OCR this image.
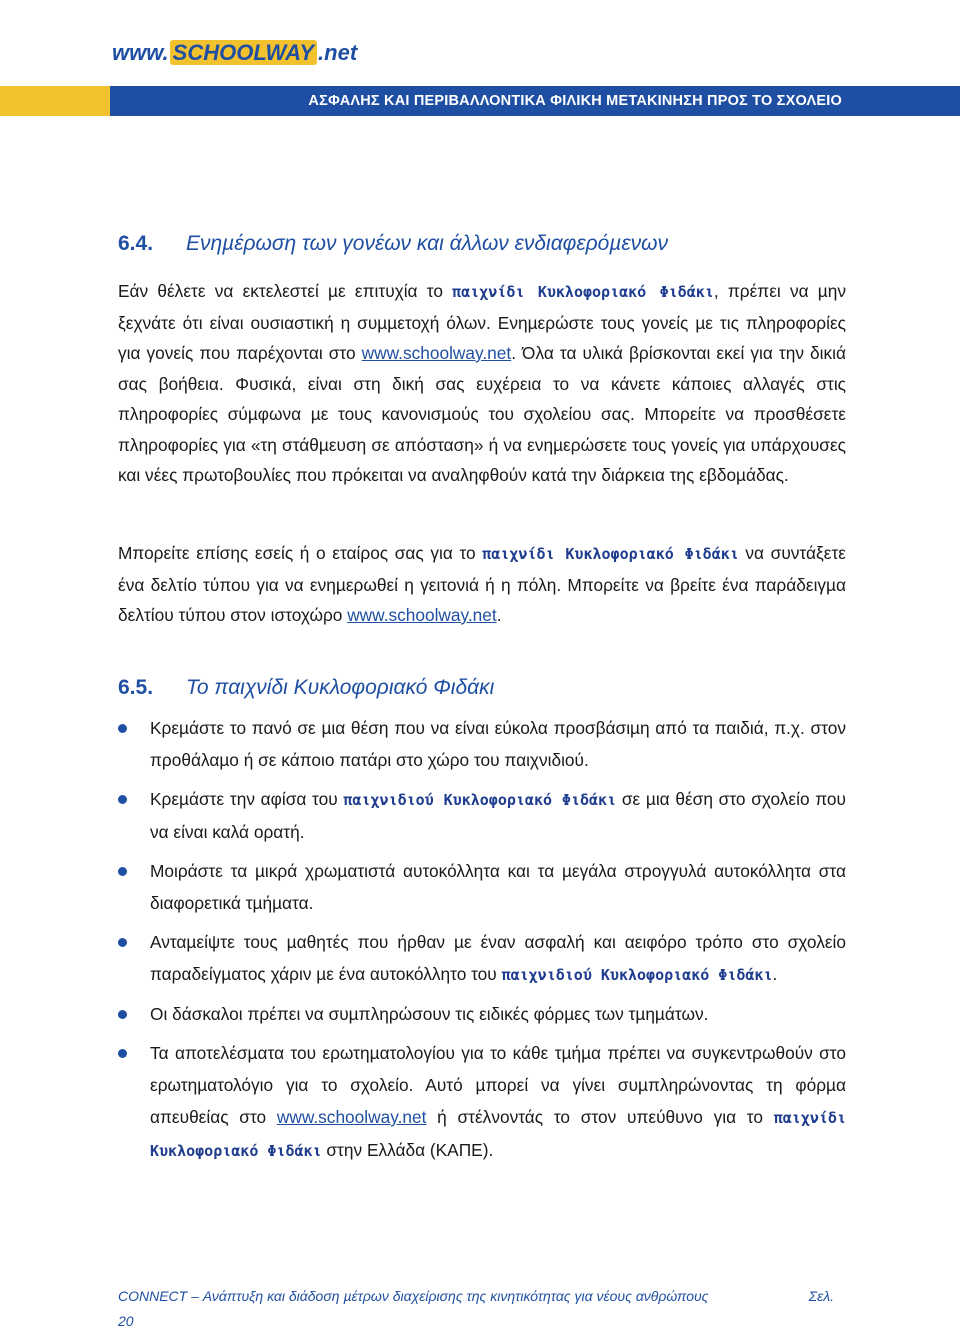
www. SCHOOLWAY .net
ΑΣΦΑΛΗΣ ΚΑΙ ΠΕΡΙΒΑΛΛΟΝΤΙΚΑ ΦΙΛΙΚΗ ΜΕΤΑΚΙΝΗΣΗ ΠΡΟΣ ΤΟ ΣΧΟΛΕΙΟ
6.4. Ενηµέρωση των γονέων και άλλων ενδιαφερόµενων
Εάν θέλετε να εκτελεστεί µε επιτυχία το παιχνίδι Κυκλοφοριακό Φιδάκι, πρέπει να µην ξεχνάτε ότι είναι ουσιαστική η συµµετοχή όλων. Ενηµερώστε τους γονείς µε τις πληροφορίες για γονείς που παρέχονται στο www.schoolway.net. Όλα τα υλικά βρίσκονται εκεί για την δικιά σας βοήθεια. Φυσικά, είναι στη δική σας ευχέρεια το να κάνετε κάποιες αλλαγές στις πληροφορίες σύµφωνα µε τους κανονισµούς του σχολείου σας. Μπορείτε να προσθέσετε πληροφορίες για «τη στάθµευση σε απόσταση» ή να ενηµερώσετε τους γονείς για υπάρχουσες και νέες πρωτοβουλίες που πρόκειται να αναληφθούν κατά την διάρκεια της εβδοµάδας.
Μπορείτε επίσης εσείς ή ο εταίρος σας για το παιχνίδι Κυκλοφοριακό Φιδάκι να συντάξετε ένα δελτίο τύπου για να ενηµερωθεί η γειτονιά ή η πόλη. Μπορείτε να βρείτε ένα παράδειγµα δελτίου τύπου στον ιστοχώρο www.schoolway.net.
6.5. Το παιχνίδι Κυκλοφοριακό Φιδάκι
Κρεµάστε το πανό σε µια θέση που να είναι εύκολα προσβάσιµη από τα παιδιά, π.χ. στον προθάλαµο ή σε κάποιο πατάρι στο χώρο του παιχνιδιού.
Κρεµάστε την αφίσα του παιχνιδιού Κυκλοφοριακό Φιδάκι σε µια θέση στο σχολείο που να είναι καλά ορατή.
Μοιράστε τα µικρά χρωµατιστά αυτοκόλλητα και τα µεγάλα στρογγυλά αυτοκόλλητα στα διαφορετικά τµήµατα.
Ανταµείψτε τους µαθητές που ήρθαν µε έναν ασφαλή και αειφόρο τρόπο στο σχολείο παραδείγµατος χάριν µε ένα αυτοκόλλητο του παιχνιδιού Κυκλοφοριακό Φιδάκι.
Οι δάσκαλοι πρέπει να συµπληρώσουν τις ειδικές φόρµες των τµηµάτων.
Τα αποτελέσµατα του ερωτηµατολογίου για το κάθε τµήµα πρέπει να συγκεντρωθούν στο ερωτηµατολόγιο για το σχολείο. Αυτό µπορεί να γίνει συµπληρώνοντας τη φόρµα απευθείας στο www.schoolway.net ή στέλνοντάς το στον υπεύθυνο για το παιχνίδι Κυκλοφοριακό Φιδάκι στην Ελλάδα (ΚΑΠΕ).
CONNECT – Ανάπτυξη και διάδοση µέτρων διαχείρισης της κινητικότητας για νέους ανθρώπους	Σελ.
20
